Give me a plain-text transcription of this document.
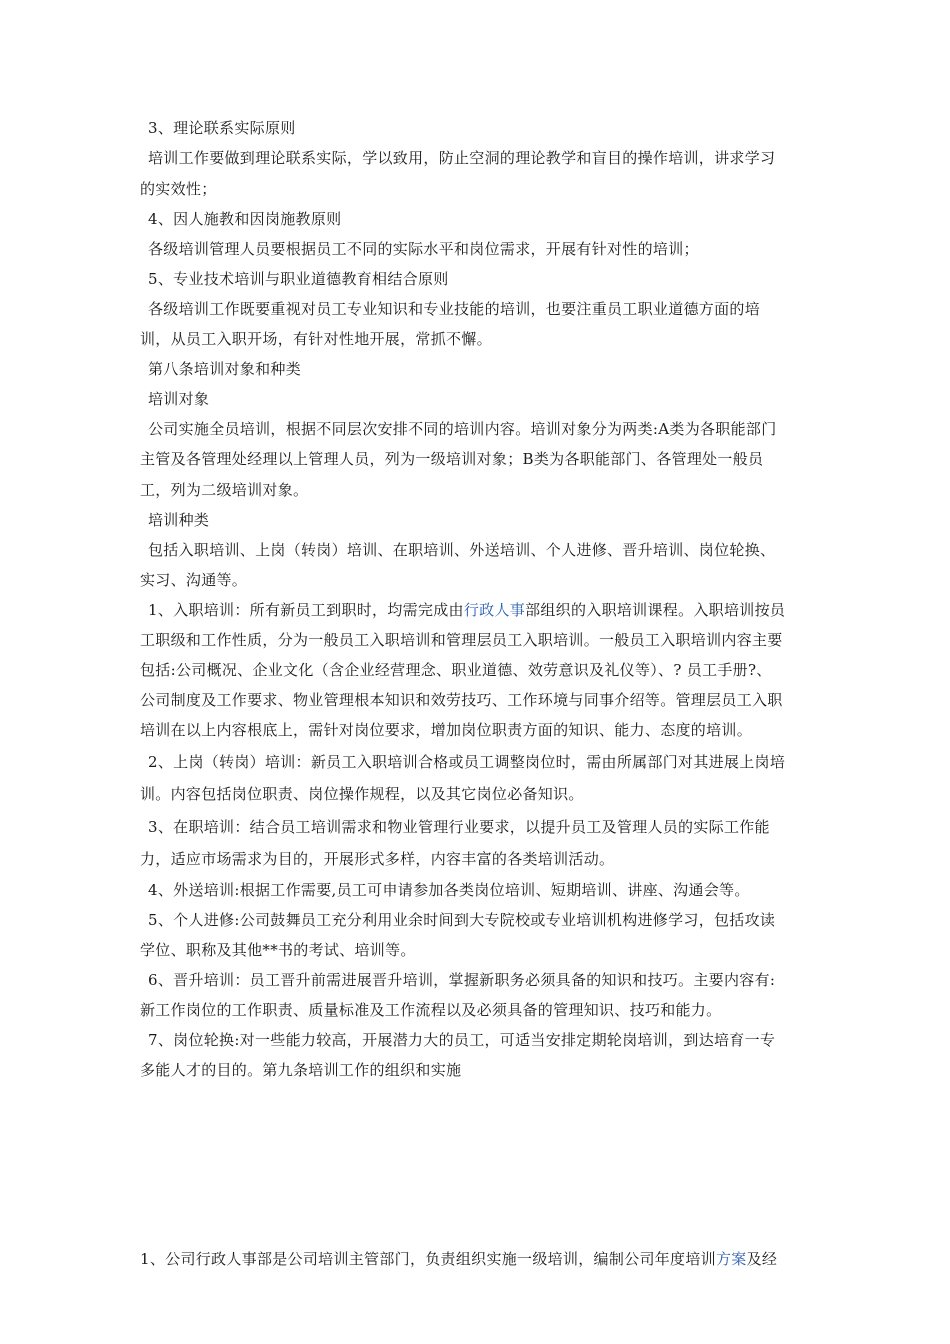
3、理论联系实际原则
培训工作要做到理论联系实际，学以致用，防止空洞的理论教学和盲目的操作培训，讲求学习
的实效性；
4、因人施教和因岗施教原则
各级培训管理人员要根据员工不同的实际水平和岗位需求，开展有针对性的培训；
5、专业技术培训与职业道德教育相结合原则
各级培训工作既要重视对员工专业知识和专业技能的培训，也要注重员工职业道德方面的培
训，从员工入职开场，有针对性地开展，常抓不懈。
第八条培训对象和种类
培训对象
公司实施全员培训，根据不同层次安排不同的培训内容。培训对象分为两类:A类为各职能部门
主管及各管理处经理以上管理人员，列为一级培训对象；B类为各职能部门、各管理处一般员
工，列为二级培训对象。
培训种类
包括入职培训、上岗（转岗）培训、在职培训、外送培训、个人进修、晋升培训、岗位轮换、
实习、沟通等。
1、入职培训：所有新员工到职时，均需完成由行政人事部组织的入职培训课程。入职培训按员
工职级和工作性质，分为一般员工入职培训和管理层员工入职培训。一般员工入职培训内容主要
包括:公司概况、企业文化（含企业经营理念、职业道德、效劳意识及礼仪等）、? 员工手册?、
公司制度及工作要求、物业管理根本知识和效劳技巧、工作环境与同事介绍等。管理层员工入职
培训在以上内容根底上，需针对岗位要求，增加岗位职责方面的知识、能力、态度的培训。
2、上岗（转岗）培训：新员工入职培训合格或员工调整岗位时，需由所属部门对其进展上岗培
训。内容包括岗位职责、岗位操作规程，以及其它岗位必备知识。
3、在职培训：结合员工培训需求和物业管理行业要求，以提升员工及管理人员的实际工作能
力，适应市场需求为目的，开展形式多样，内容丰富的各类培训活动。
4、外送培训:根据工作需要,员工可申请参加各类岗位培训、短期培训、讲座、沟通会等。
5、个人进修:公司鼓舞员工充分利用业余时间到大专院校或专业培训机构进修学习，包括攻读
学位、职称及其他**书的考试、培训等。
6、晋升培训：员工晋升前需进展晋升培训，掌握新职务必须具备的知识和技巧。主要内容有:
新工作岗位的工作职责、质量标准及工作流程以及必须具备的管理知识、技巧和能力。
7、岗位轮换:对一些能力较高，开展潜力大的员工，可适当安排定期轮岗培训，到达培育一专
多能人才的目的。第九条培训工作的组织和实施
1、公司行政人事部是公司培训主管部门，负责组织实施一级培训，编制公司年度培训方案及经
